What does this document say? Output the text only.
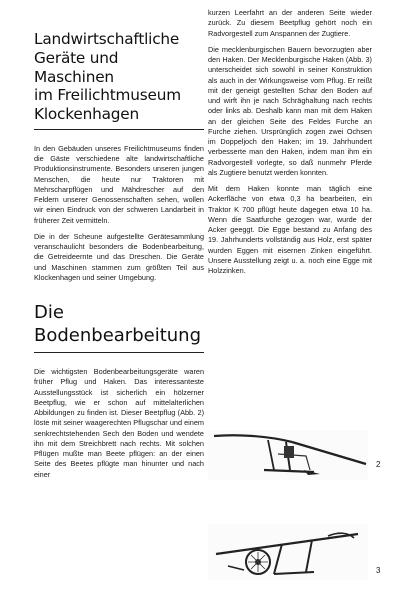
Landwirtschaftliche
Geräte und
Maschinen
im Freilichtmuseum
Klockenhagen

In den Gebäuden unseres Freilichtmuseums finden die Gäste verschiedene alte landwirtschaftliche Produktionsinstrumente. Besonders unseren jungen Menschen, die heute nur Traktoren mit Mehrscharpflügen und Mähdrescher auf den Feldern unserer Genossenschaften sehen, wollen wir einen Eindruck von der schweren Landarbeit in früherer Zeit vermitteln.

Die in der Scheune aufgestellte Gerätesammlung veranschaulicht besonders die Bodenbearbeitung, die Getreideernte und das Dreschen. Die Geräte und Maschinen stammen zum größten Teil aus Klockenhagen und seiner Umgebung.

Die
Bodenbearbeitung

Die wichtigsten Bodenbearbeitungsgeräte waren früher Pflug und Haken. Das interessanteste Ausstellungsstück ist sicherlich ein hölzerner Beetpflug, wie er schon auf mittelalterlichen Abbildungen zu finden ist. Dieser Beetpflug (Abb. 2) löste mit seiner waagerechten Pflugschar und einem senkrechtstehenden Sech den Boden und wendete ihn mit dem Streichbrett nach rechts. Mit solchen Pflügen mußte man Beete pflügen: an der einen Seite des Beetes pflügte man hinunter und nach einer

kurzen Leerfahrt an der anderen Seite wieder zurück. Zu diesem Beetpflug gehört noch ein Radvorgestell zum Anspannen der Zugtiere.

Die mecklenburgischen Bauern bevorzugten aber den Haken. Der Mecklenburgische Haken (Abb. 3) unterscheidet sich sowohl in seiner Konstruktion als auch in der Wirkungsweise vom Pflug. Er reißt mit der geneigt gestellten Schar den Boden auf und wirft ihn je nach Schräghaltung nach rechts oder links ab. Deshalb kann man mit dem Haken an der gleichen Seite des Feldes Furche an Furche ziehen. Ursprünglich zogen zwei Ochsen im Doppeljoch den Haken; im 19. Jahrhundert verbesserte man den Haken, indem man ihm ein Radvorgestell vorlegte, so daß nunmehr Pferde als Zugtiere benutzt werden konnten.

Mit dem Haken konnte man täglich eine Ackerfläche von etwa 0,3 ha bearbeiten, ein Traktor K 700 pflügt heute dagegen etwa 10 ha. Wenn die Saatfurche gezogen war, wurde der Acker geeggt. Die Egge bestand zu Anfang des 19. Jahrhunderts vollständig aus Holz, erst später wurden Eggen mit eisernen Zinken eingeführt. Unsere Ausstellung zeigt u. a. noch eine Egge mit Holzzinken.

2
3
